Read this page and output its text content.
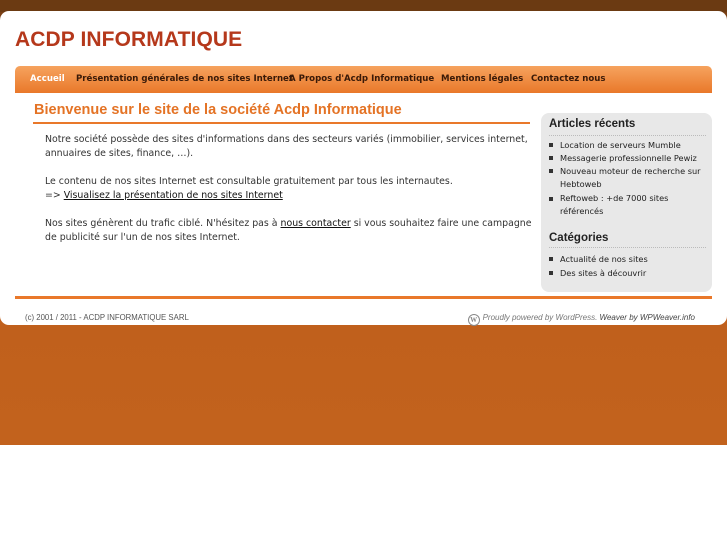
ACDP INFORMATIQUE
Accueil Présentation générales de nos sites Internet
A Propos d'Acdp Informatique Mentions légales Contactez nous
Bienvenue sur le site de la société Acdp Informatique
Notre société possède des sites d'informations dans des secteurs variés (immobilier, services internet,
annuaires de sites, finance, …).
Le contenu de nos sites Internet est consultable gratuitement par tous les internautes.
=> Visualisez la présentation de nos sites Internet
Nos sites génèrent du trafic ciblé. N'hésitez pas à nous contacter si vous souhaitez faire une campagne
de publicité sur l'un de nos sites Internet.
Articles récents
Location de serveurs Mumble
Messagerie professionnelle Pewiz
Nouveau moteur de recherche sur Hebtoweb
Reftoweb : +de 7000 sites référencés
Catégories
Actualité de nos sites
Des sites à découvrir
(c) 2001 / 2011 - ACDP INFORMATIQUE SARL	W Proudly powered by WordPress. Weaver by WPWeaver.info
